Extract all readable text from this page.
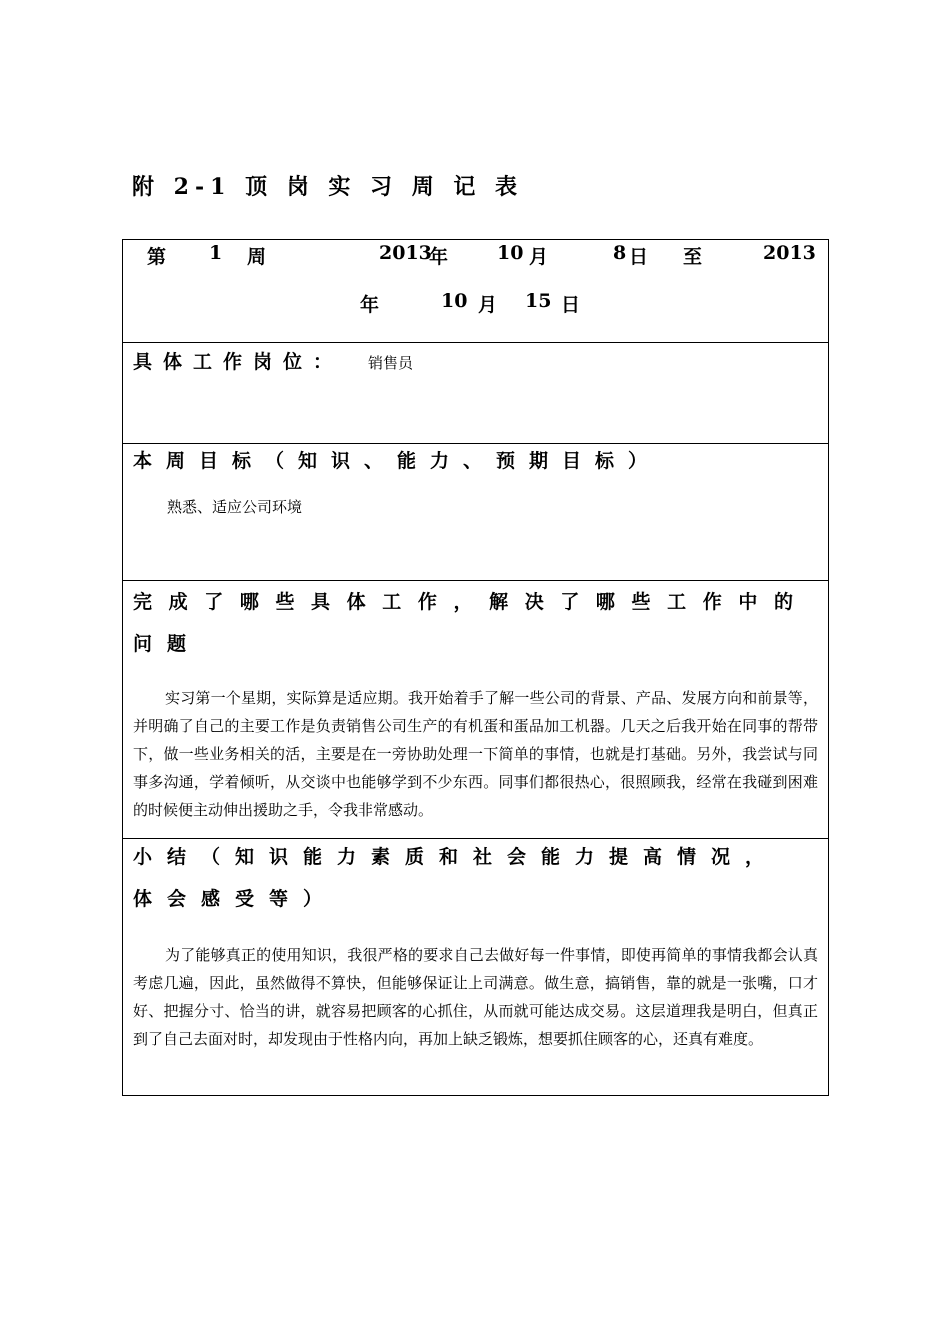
附 2-1 顶 岗 实 习 周 记 表
第 1 周	2013
年	10 月	8 日 至	2013
年	10 月 15 日
具体工作岗位： 销售员
本周目标（知识、能力、预期目标）
熟悉、适应公司环境

完成了哪些具体工作，解决了哪些工作中的问题

实习第一个星期，实际算是适应期。我开始着手了解一些公司的背景、产品、发展方向和前景等，并明确了自己的主要工作是负责销售公司生产的有机蛋和蛋品加工机器。几天之后我开始在同事的帮带下，做一些业务相关的活，主要是在一旁协助处理一下简单的事情，也就是打基础。另外，我尝试与同事多沟通，学着倾听，从交谈中也能够学到不少东西。同事们都很热心，很照顾我，经常在我碰到困难的时候便主动伸出援助之手，令我非常感动。

小结（知识能力素质和社会能力提高情况，体会感受等）

为了能够真正的使用知识，我很严格的要求自己去做好每一件事情，即使再简单的事情我都会认真考虑几遍，因此，虽然做得不算快，但能够保证让上司满意。做生意，搞销售，靠的就是一张嘴，口才好、把握分寸、恰当的讲，就容易把顾客的心抓住，从而就可能达成交易。这层道理我是明白，但真正到了自己去面对时，却发现由于性格内向，再加上缺乏锻炼，想要抓住顾客的心，还真有难度。
